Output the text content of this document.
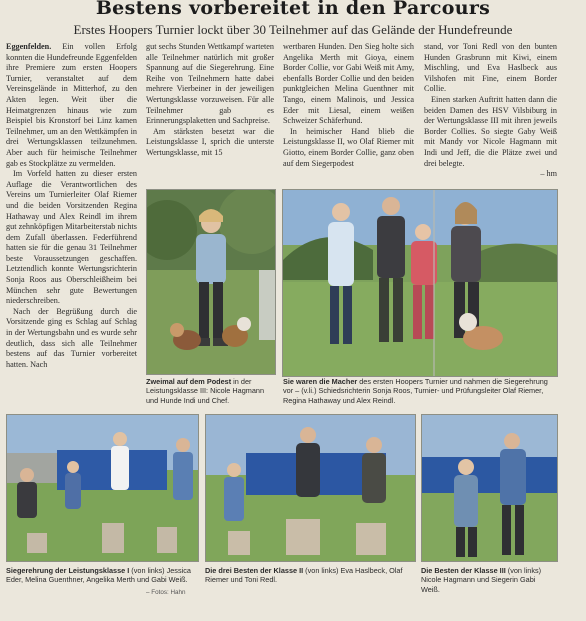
Bestens vorbereitet in den Parcours
Erstes Hoopers Turnier lockt über 30 Teilnehmer auf das Gelände der Hundefreunde

Eggenfelden. Ein vollen Erfolg konnten die Hundefreunde Eggenfelden ihre Premiere zum ersten Hoopers Turnier, veranstaltet auf dem Vereinsgelände in Mitterhof, zu den Akten legen. Weit über die Heimatgrenzen hinaus wie zum Beispiel bis Kronstorf bei Linz kamen Teilnehmer, um an den Wettkämpfen in drei Wertungsklassen teilzunehmen. Aber auch für heimische Teilnehmer gab es Stockplätze zu vermelden.

Im Vorfeld hatten zu dieser ersten Auflage die Verantwortlichen des Vereins um Turnierleiter Olaf Riemer und die beiden Vorsitzenden Regina Hathaway und Alex Reindl im ihrem gut zehnköpfigen Mitarbeiterstab nichts dem Zufall überlassen. Federführend hatten sie für die genau 31 Teilnehmer beste Voraussetzungen geschaffen. Letztendlich konnte Wertungsrichterin Sonja Roos aus Oberschleißheim bei München sehr gute Bewertungen niederschreiben.

Nach der Begrüßung durch die Vorsitzende ging es Schlag auf Schlag in der Wertungsbahn und es wurde sehr deutlich, dass sich alle Teilnehmer bestens auf das Turnier vorbereitet hatten. Nach

gut sechs Stunden Wettkampf warteten alle Teilnehmer natürlich mit großer Spannung auf die Siegerehrung. Eine Reihe von Teilnehmern hatte dabei mehrere Vierbeiner in der jeweiligen Wertungsklasse vorzuweisen. Für alle Teilnehmer gab es Erinnerungsplaketten und Sachpreise.

Am stärksten besetzt war die Leistungsklasse I, sprich die unterste Wertungsklasse, mit 15

wertbaren Hunden. Den Sieg holte sich Angelika Merth mit Gioya, einem Border Collie, vor Gabi Weiß mit Amy, ebenfalls Border Collie und den beiden punktgleichen Melina Guenthner mit Tango, einem Malinois, und Jessica Eder mit Liesal, einem weißen Schweizer Schäferhund.

In heimischer Hand blieb die Leistungsklasse II, wo Olaf Riemer mit Giotto, einem Border Collie, ganz oben auf dem Siegerpodest

stand, vor Toni Redl von den bunten Hunden Grasbrunn mit Kiwi, einem Mischling, und Eva Haslbeck aus Vilshofen mit Fine, einem Border Collie.

Einen starken Auftritt hatten dann die beiden Damen des HSV Vilsbiburg in der Wertungsklasse III mit ihren jeweils Border Collies. So siegte Gaby Weiß mit Mandy vor Nicole Hagmann mit Indi und Jeff, die die Plätze zwei und drei belegte.

– hm

Zweimal auf dem Podest in der Leistungsklasse III: Nicole Hagmann und Hunde Indi und Chef.
Sie waren die Macher des ersten Hoopers Turnier und nahmen die Siegerehrung vor – (v.li.) Schiedsrichterin Sonja Roos, Turnier- und Prüfungsleiter Olaf Riemer, Regina Hathaway und Alex Reindl.
Siegerehrung der Leistungsklasse I (von links) Jessica Eder, Melina Guenthner, Angelika Merth und Gabi Weiß.
– Fotos: Hahn
Die drei Besten der Klasse II (von links) Eva Haslbeck, Olaf Riemer und Toni Redl.
Die Besten der Klasse III (von links) Nicole Hagmann und Siegerin Gabi Weiß.
